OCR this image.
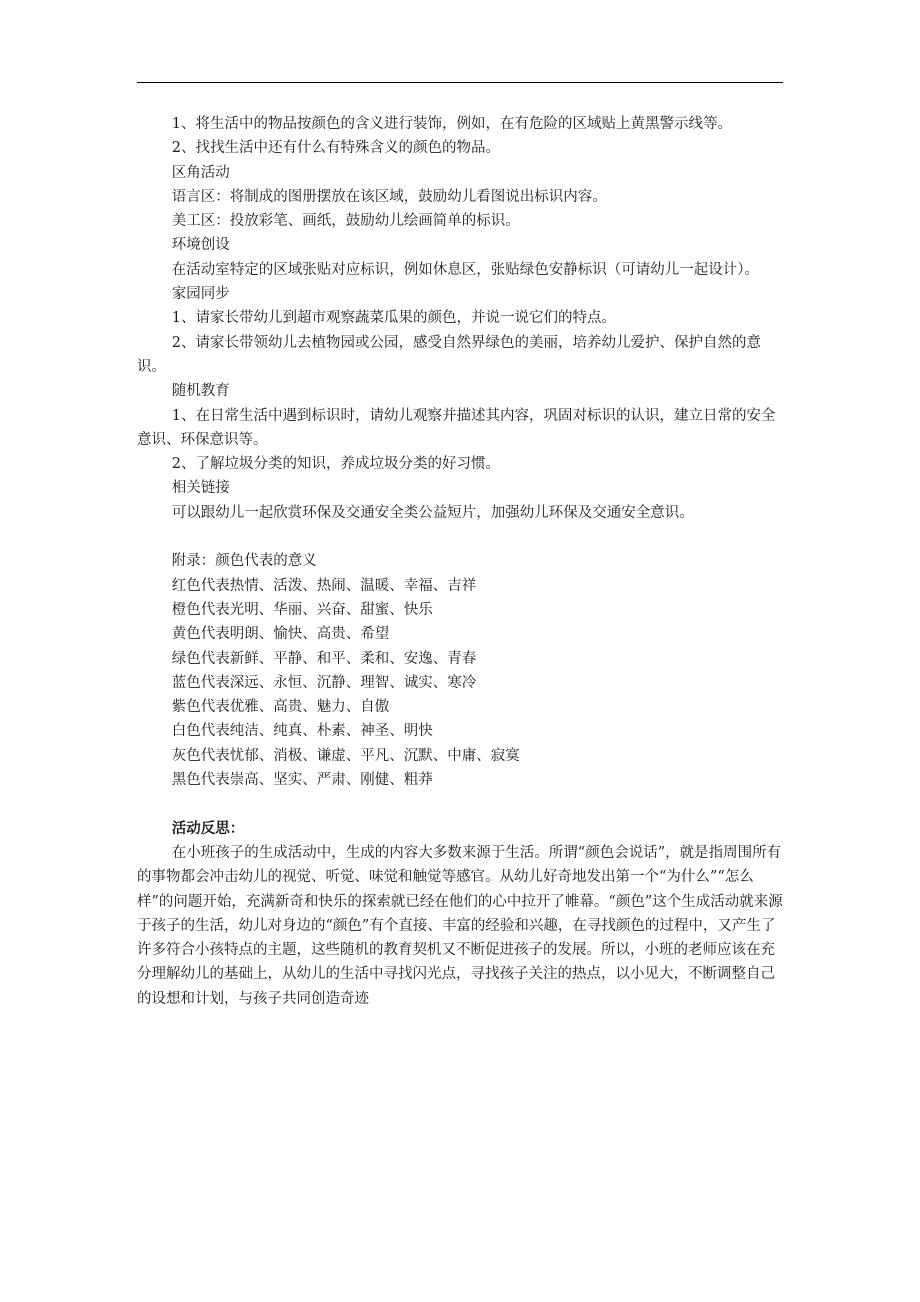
1、将生活中的物品按颜色的含义进行装饰，例如，在有危险的区域贴上黄黑警示线等。

2、找找生活中还有什么有特殊含义的颜色的物品。

区角活动

语言区：将制成的图册摆放在该区域，鼓励幼儿看图说出标识内容。

美工区：投放彩笔、画纸，鼓励幼儿绘画简单的标识。

环境创设

在活动室特定的区域张贴对应标识，例如休息区，张贴绿色安静标识（可请幼儿一起设计）。

家园同步

1、请家长带幼儿到超市观察蔬菜瓜果的颜色，并说一说它们的特点。

2、请家长带领幼儿去植物园或公园，感受自然界绿色的美丽，培养幼儿爱护、保护自然的意识。

随机教育

1、在日常生活中遇到标识时，请幼儿观察并描述其内容，巩固对标识的认识，建立日常的安全意识、环保意识等。

2、了解垃圾分类的知识，养成垃圾分类的好习惯。

相关链接

可以跟幼儿一起欣赏环保及交通安全类公益短片，加强幼儿环保及交通安全意识。

附录：颜色代表的意义

红色代表热情、活泼、热闹、温暖、幸福、吉祥

橙色代表光明、华丽、兴奋、甜蜜、快乐

黄色代表明朗、愉快、高贵、希望

绿色代表新鲜、平静、和平、柔和、安逸、青春

蓝色代表深远、永恒、沉静、理智、诚实、寒冷

紫色代表优雅、高贵、魅力、自傲

白色代表纯洁、纯真、朴素、神圣、明快

灰色代表忧郁、消极、谦虚、平凡、沉默、中庸、寂寞

黑色代表崇高、坚实、严肃、刚健、粗莽

活动反思：

在小班孩子的生成活动中，生成的内容大多数来源于生活。所谓“颜色会说话”，就是指周围所有的事物都会冲击幼儿的视觉、听觉、味觉和触觉等感官。从幼儿好奇地发出第一个“为什么”“怎么样”的问题开始，充满新奇和快乐的探索就已经在他们的心中拉开了帷幕。“颜色”这个生成活动就来源于孩子的生活，幼儿对身边的“颜色”有个直接、丰富的经验和兴趣，在寻找颜色的过程中，又产生了许多符合小孩特点的主题，这些随机的教育契机又不断促进孩子的发展。所以，小班的老师应该在充分理解幼儿的基础上，从幼儿的生活中寻找闪光点，寻找孩子关注的热点，以小见大，不断调整自己的设想和计划，与孩子共同创造奇迹
